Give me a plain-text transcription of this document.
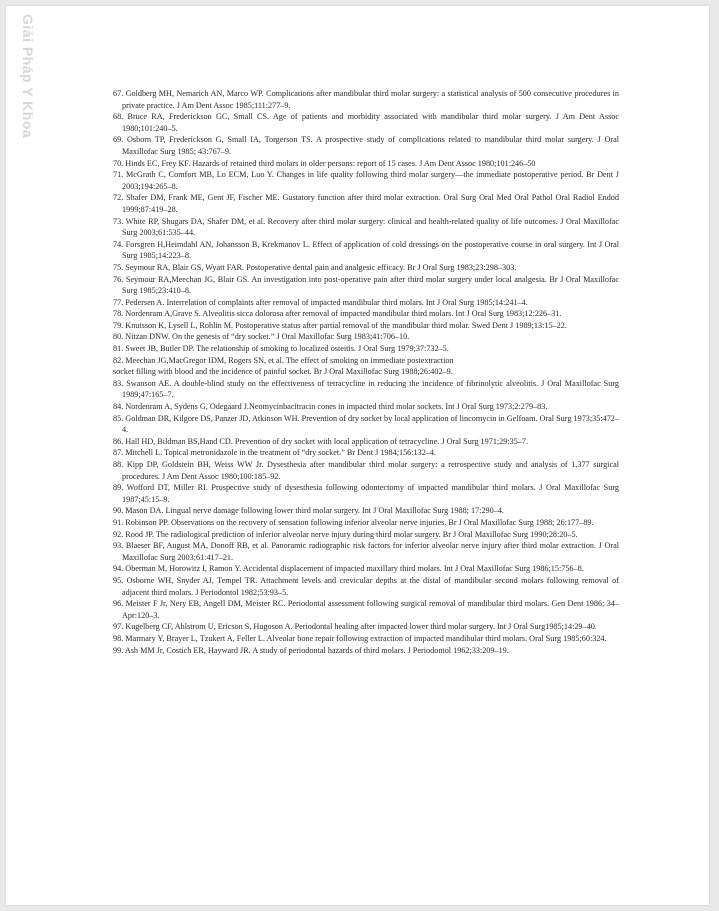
Giải Pháp Y Khoa	67. Goldberg MH, Nemarich AN, Marco WP. Complications after mandibular third molar surgery: a statistical analysis of 500 consecutive procedures in private practice. J Am Dent Assoc 1985;111:277–9.

68. Bruce RA, Frederickson GC, Small CS. Age of patients and morbidity associated with mandibular third molar surgery. J Am Dent Assoc 1980;101:240–5.

69. Osborn TP, Frederickson G, Small IA, Torgerson TS. A prospective study of complications related to mandibular third molar surgery. J Oral Maxillofac Surg 1985; 43:767–9.

70. Hinds EC, Frey KF. Hazards of retained third molars in older persons: report of 15 cases. J Am Dent Assoc 1980;101:246–50

71. McGrath C, Comfort MB, Lo ECM, Luo Y. Changes in life quality following third molar surgery—the immediate postoperative period. Br Dent J 2003;194:265–8.

72. Shafer DM, Frank ME, Gent JF, Fischer ME. Gustatory function after third molar extraction. Oral Surg Oral Med Oral Pathol Oral Radiol Endod 1999;87:419–28.

73. White RP, Shugars DA, Shafer DM, et al. Recovery after third molar surgery: clinical and health-related quality of life outcomes. J Oral Maxillofac Surg 2003;61:535–44.

74. Forsgren H,Heimdahl AN, Johansson B, Krekmanov L. Effect of application of cold dressings on the postoperative course in oral surgery. Int J Oral Surg 1985;14:223–8.

75. Seymour RA, Blair GS, Wyatt FAR. Postoperative dental pain and analgesic efficacy. Br J Oral Surg 1983;23:298–303.

76. Seymour RA,Meechan JG, Blair GS. An investigation into post-operative pain after third molar surgery under local analgesia. Br J Oral Maxillofac Surg 1985;23:410–8.

77. Pedersen A. Interrelation of complaints after removal of impacted mandibular third molars. Int J Oral Surg 1985;14:241–4.

78. Nordenram A,Grave S. Alveolitis sicca dolorosa after removal of impacted mandibular third molars. Int J Oral Surg 1983;12:226–31.

79. Knutsson K, Lysell L, Rohlin M. Postoperative status after partial removal of the mandibular third molar. Swed Dent J 1989;13:15–22.

80. Nitzan DNW. On the genesis of “dry socket.” J Oral Maxillofac Surg 1983;41:706–10.

81. Sweet JB, Butler DP. The relationship of smoking to localized osteitis. J Oral Surg 1979;37:732–5.

82. Meechan JG,MacGregor IDM, Rogers SN, et al. The effect of smoking on immediate postextraction

socket filling with blood and the incidence of painful socket. Br J Oral Maxillofac Surg 1988;26:402–9.

83. Swanson AE. A double-blind study on the effectiveness of tetracycline in reducing the incidence of fibrinolytic alveolitis. J Oral Maxillofac Surg 1989;47:165–7.

84. Nordenram A, Sydens G, Odegaard J.Neomycinbacitracin cones in impacted third molar sockets. Int J Oral Surg 1973;2:279–83.

85. Goldman DR, Kilgore DS, Panzer JD, Atkinson WH. Prevention of dry socket by local application of lincomycin in Gelfoam. Oral Surg 1973;35:472–4.

86. Hall HD, Bildman BS,Hand CD. Prevention of dry socket with local application of tetracycline. J Oral Surg 1971;29:35–7.

87. Mitchell L. Topical metronidazole in the treatment of “dry socket.” Br Dent J 1984;156:132–4.

88. Kipp DP, Goldstein BH, Weiss WW Jr. Dysesthesia after mandibular third molar surgery: a retrospective study and analysis of 1,377 surgical procedures. J Am Dent Assoc 1980;100:185–92.

89. Wofford DT, Miller RI. Prospective study of dysesthesia following odontectomy of impacted mandibular third molars. J Oral Maxillofac Surg 1987;45:15–9.

90. Mason DA. Lingual nerve damage following lower third molar surgery. Int J Oral Maxillofac Surg 1988; 17:290–4.

91. Robinson PP. Observations on the recovery of sensation following inferior alveolar nerve injuries. Br J Oral Maxillofac Surg 1988; 26:177–89.

92. Rood JP. The radiological prediction of inferior alveolar nerve injury during third molar surgery. Br J Oral Maxillofac Surg 1990;28:20–5.

93. Blaeser BF, August MA, Donoff RB, et al. Panoramic radiographic risk factors for inferior alveolar nerve injury after third molar extraction. J Oral Maxillofac Surg 2003;61:417–21.

94. Oberman M, Horowitz I, Ramon Y. Accidental displacement of impacted maxillary third molars. Int J Oral Maxillofac Surg 1986;15:756–8.

95. Osborne WH, Snyder AJ, Tempel TR. Attachment levels and crevicular depths at the distal of mandibular second molars following removal of adjacent third molars. J Periodontol 1982;53:93–5.

96. Meister F Jr, Nery EB, Angell DM, Meister RC. Periodontal assessment following surgical removal of mandibular third molars. Gen Dent 1986; 34–Apr:120–3.

97. Kugelberg CF, Ahlstrom U, Ericson S, Hugoson A. Periodontal healing after impacted lower third molar surgery. Int J Oral Surg1985;14:29–40.

98. Marmary Y, Brayer L, Tzukert A, Feller L. Alveolar bone repair following extraction of impacted mandibular third molars. Oral Surg 1985;60:324.

99. Ash MM Jr, Costich ER, Hayward JR. A study of periodontal hazards of third molars. J Periodontol 1962;33:209–19.
